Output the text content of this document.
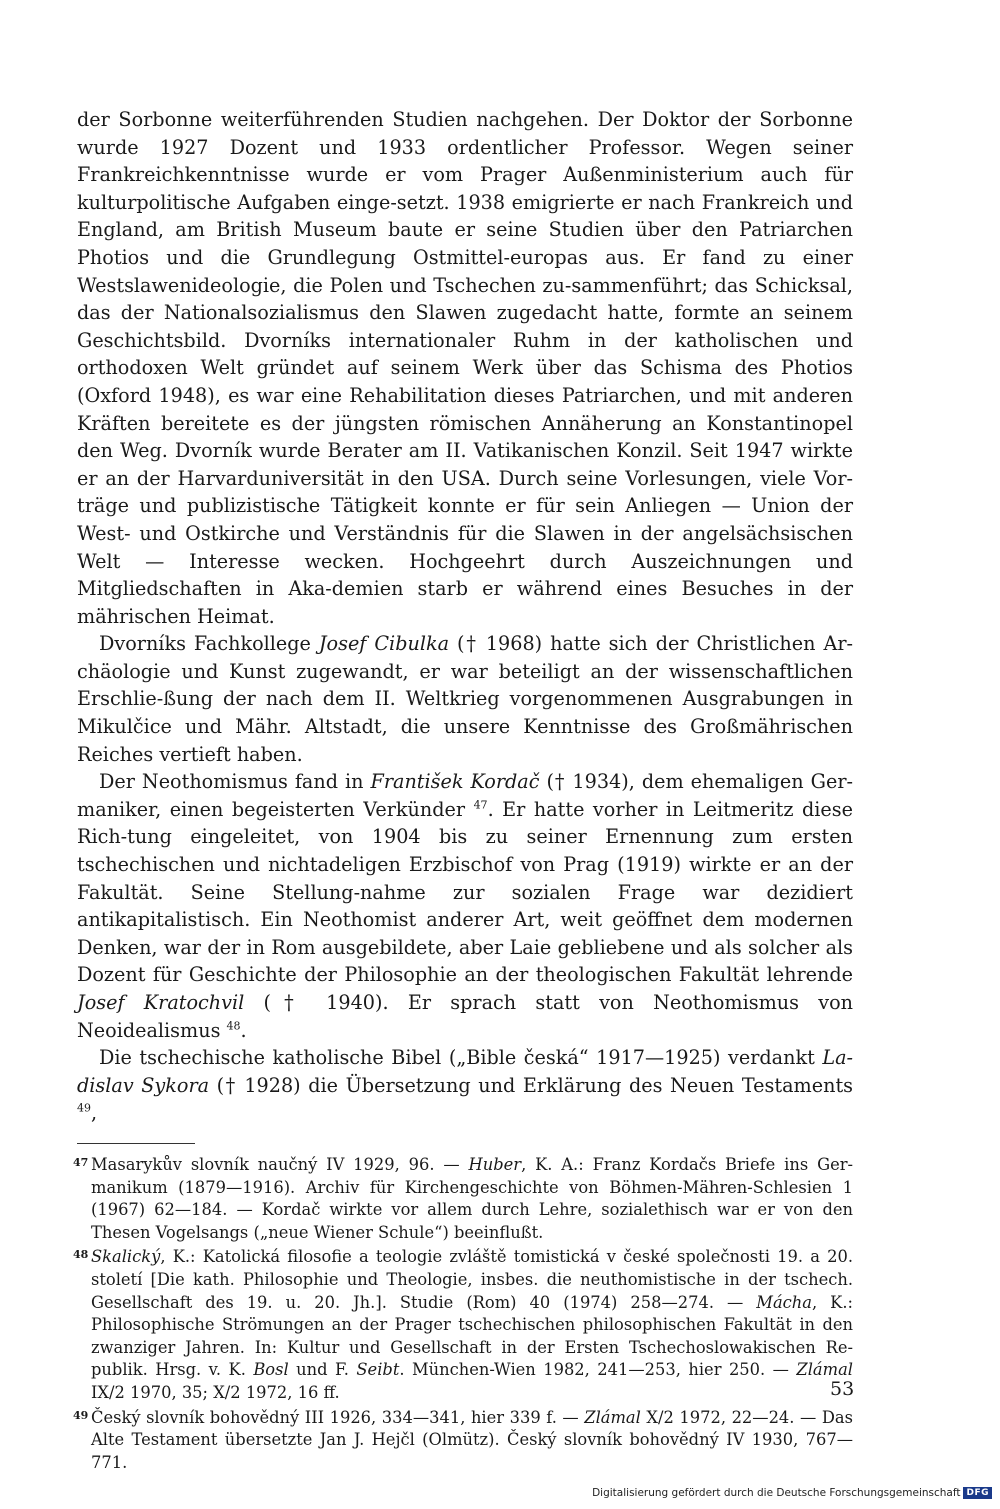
der Sorbonne weiterführenden Studien nachgehen. Der Doktor der Sorbonne wurde 1927 Dozent und 1933 ordentlicher Professor. Wegen seiner Frankreichkenntnisse wurde er vom Prager Außenministerium auch für kulturpolitische Aufgaben einge-setzt. 1938 emigrierte er nach Frankreich und England, am British Museum baute er seine Studien über den Patriarchen Photios und die Grundlegung Ostmittel-europas aus. Er fand zu einer Westslawenideologie, die Polen und Tschechen zu-sammenführt; das Schicksal, das der Nationalsozialismus den Slawen zugedacht hatte, formte an seinem Geschichtsbild. Dvorníks internationaler Ruhm in der katholischen und orthodoxen Welt gründet auf seinem Werk über das Schisma des Photios (Oxford 1948), es war eine Rehabilitation dieses Patriarchen, und mit anderen Kräften bereitete es der jüngsten römischen Annäherung an Konstantinopel den Weg. Dvorník wurde Berater am II. Vatikanischen Konzil. Seit 1947 wirkte er an der Harvarduniversität in den USA. Durch seine Vorlesungen, viele Vor-träge und publizistische Tätigkeit konnte er für sein Anliegen — Union der West- und Ostkirche und Verständnis für die Slawen in der angelsächsischen Welt — Interesse wecken. Hochgeehrt durch Auszeichnungen und Mitgliedschaften in Aka-demien starb er während eines Besuches in der mährischen Heimat.

Dvorníks Fachkollege Josef Cibulka († 1968) hatte sich der Christlichen Ar-chäologie und Kunst zugewandt, er war beteiligt an der wissenschaftlichen Erschlie-ßung der nach dem II. Weltkrieg vorgenommenen Ausgrabungen in Mikulčice und Mähr. Altstadt, die unsere Kenntnisse des Großmährischen Reiches vertieft haben.

Der Neothomismus fand in František Kordač († 1934), dem ehemaligen Ger-maniker, einen begeisterten Verkünder $^{47}$. Er hatte vorher in Leitmeritz diese Rich-tung eingeleitet, von 1904 bis zu seiner Ernennung zum ersten tschechischen und nichtadeligen Erzbischof von Prag (1919) wirkte er an der Fakultät. Seine Stellung-nahme zur sozialen Frage war dezidiert antikapitalistisch. Ein Neothomist anderer Art, weit geöffnet dem modernen Denken, war der in Rom ausgebildete, aber Laie gebliebene und als solcher als Dozent für Geschichte der Philosophie an der theologischen Fakultät lehrende Josef Kratochvil († 1940). Er sprach statt von Neothomismus von Neoidealismus $^{48}$.

Die tschechische katholische Bibel („Bible česká“ 1917—1925) verdankt La-dislav Sykora († 1928) die Übersetzung und Erklärung des Neuen Testaments $^{49}$,

47 Masarykův slovník naučný IV 1929, 96. — Huber, K. A.: Franz Kordačs Briefe ins Ger-manikum (1879—1916). Archiv für Kirchengeschichte von Böhmen-Mähren-Schlesien 1 (1967) 62—184. — Kordač wirkte vor allem durch Lehre, sozialethisch war er von den Thesen Vogelsangs („neue Wiener Schule“) beeinflußt.
48 Skalický, K.: Katolická filosofie a teologie zvláště tomistická v české společnosti 19. a 20. století [Die kath. Philosophie und Theologie, insbes. die neuthomistische in der tschech. Gesellschaft des 19. u. 20. Jh.]. Studie (Rom) 40 (1974) 258—274. — Mácha, K.: Philosophische Strömungen an der Prager tschechischen philosophischen Fakultät in den zwanziger Jahren. In: Kultur und Gesellschaft in der Ersten Tschechoslowakischen Re-publik. Hrsg. v. K. Bosl und F. Seibt. München-Wien 1982, 241—253, hier 250. — Zlámal IX/2 1970, 35; X/2 1972, 16 ff.
49 Český slovník bohovědný III 1926, 334—341, hier 339 f. — Zlámal X/2 1972, 22—24. — Das Alte Testament übersetzte Jan J. Hejčl (Olmütz). Český slovník bohovědný IV 1930, 767—771.
53
Digitalisierung gefördert durch die Deutsche Forschungsgemeinschaft DFG
